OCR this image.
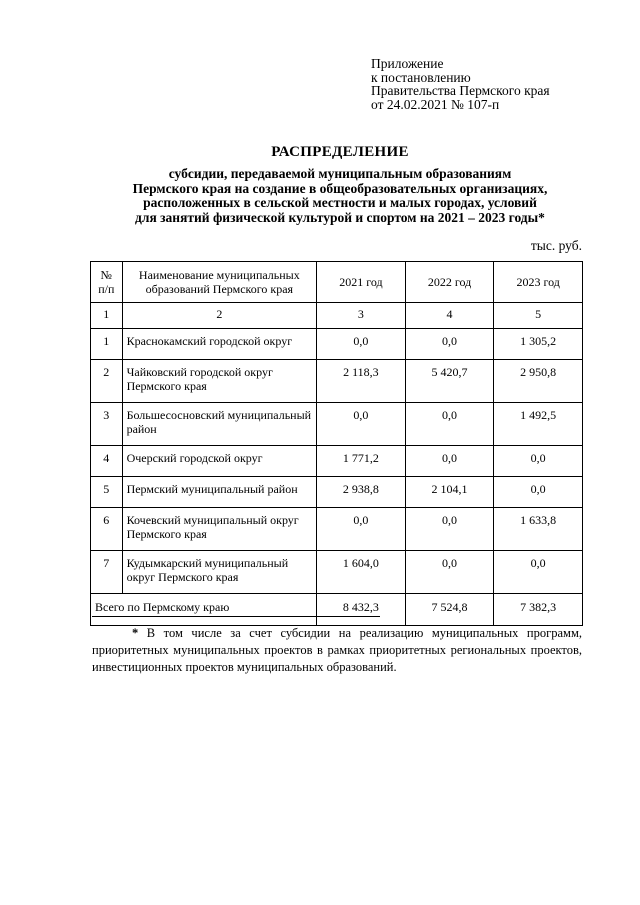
Приложение
к постановлению
Правительства Пермского края
от 24.02.2021 № 107-п
РАСПРЕДЕЛЕНИЕ
субсидии, передаваемой муниципальным образованиям
Пермского края на создание в общеобразовательных организациях,
расположенных в сельской местности и малых городах, условий
для занятий физической культурой и спортом на 2021 – 2023 годы*
тыс. руб.
№ п/п	Наименование муниципальных образований Пермского края	2021 год	2022 год	2023 год
1	2	3	4	5
1	Краснокамский городской округ	0,0	0,0	1 305,2
2	Чайковский городской округ Пермского края	2 118,3	5 420,7	2 950,8
3	Большесосновский муниципальный район	0,0	0,0	1 492,5
4	Очерский городской округ	1 771,2	0,0	0,0
5	Пермский муниципальный район	2 938,8	2 104,1	0,0
6	Кочевский муниципальный округ Пермского края	0,0	0,0	1 633,8
7	Кудымкарский муниципальный округ Пермского края	1 604,0	0,0	0,0
Всего по Пермскому краю		8 432,3	7 524,8	7 382,3
* В том числе за счет субсидии на реализацию муниципальных программ, приоритетных муниципальных проектов в рамках приоритетных региональных проектов, инвестиционных проектов муниципальных образований.
